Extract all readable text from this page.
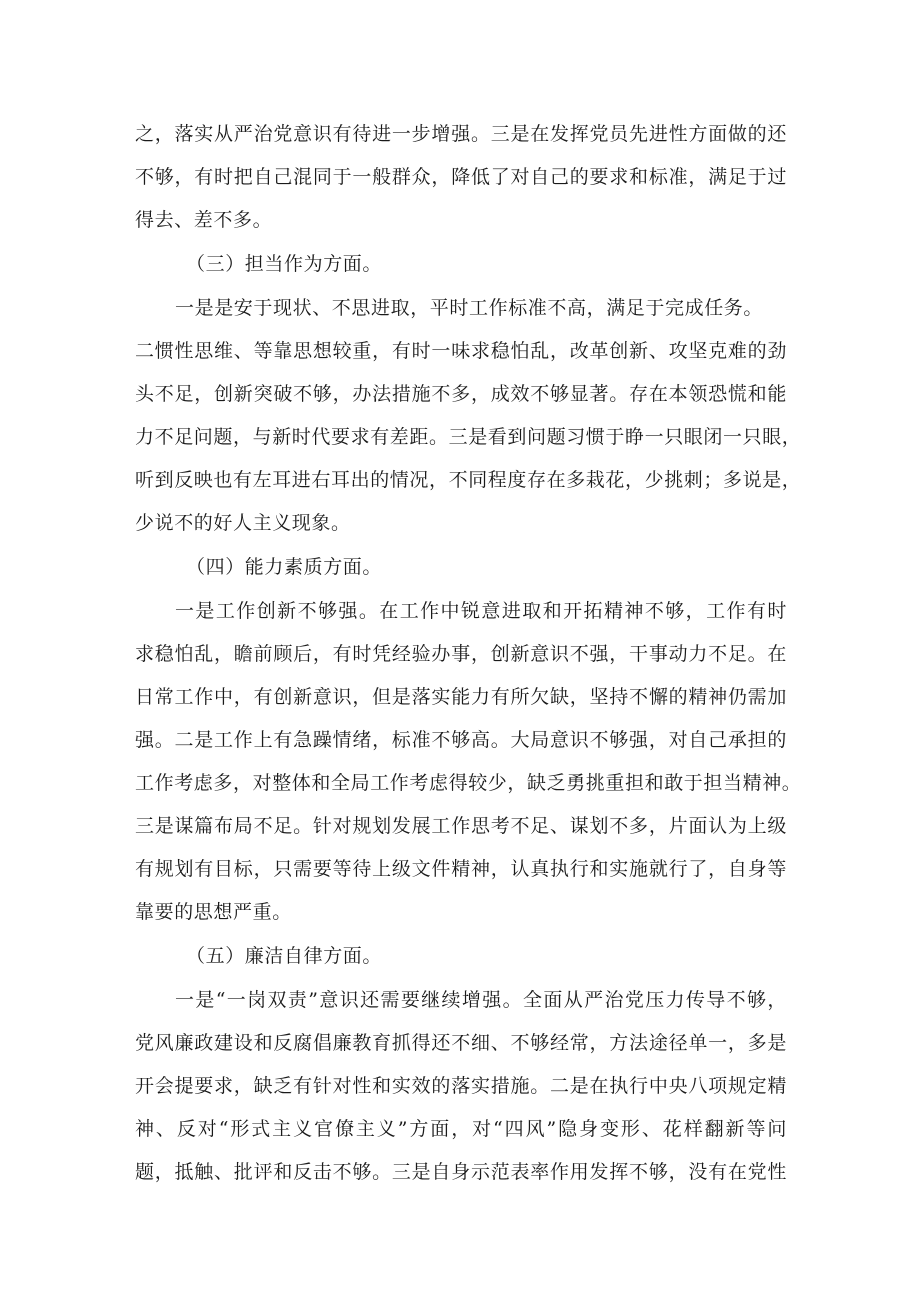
之，落实从严治党意识有待进一步增强。三是在发挥党员先进性方面做的还
不够，有时把自己混同于一般群众，降低了对自己的要求和标准，满足于过
得去、差不多。
（三）担当作为方面。
一是是安于现状、不思进取，平时工作标准不高，满足于完成任务。
二惯性思维、等靠思想较重，有时一味求稳怕乱，改革创新、攻坚克难的劲
头不足，创新突破不够，办法措施不多，成效不够显著。存在本领恐慌和能
力不足问题，与新时代要求有差距。三是看到问题习惯于睁一只眼闭一只眼，
听到反映也有左耳进右耳出的情况，不同程度存在多栽花，少挑刺；多说是，
少说不的好人主义现象。
（四）能力素质方面。
一是工作创新不够强。在工作中锐意进取和开拓精神不够，工作有时
求稳怕乱，瞻前顾后，有时凭经验办事，创新意识不强，干事动力不足。在
日常工作中，有创新意识，但是落实能力有所欠缺，坚持不懈的精神仍需加
强。二是工作上有急躁情绪，标准不够高。大局意识不够强，对自己承担的
工作考虑多，对整体和全局工作考虑得较少，缺乏勇挑重担和敢于担当精神。
三是谋篇布局不足。针对规划发展工作思考不足、谋划不多，片面认为上级
有规划有目标，只需要等待上级文件精神，认真执行和实施就行了，自身等
靠要的思想严重。
（五）廉洁自律方面。
一是“一岗双责”意识还需要继续增强。全面从严治党压力传导不够，
党风廉政建设和反腐倡廉教育抓得还不细、不够经常，方法途径单一，多是
开会提要求，缺乏有针对性和实效的落实措施。二是在执行中央八项规定精
神、反对“形式主义官僚主义”方面，对“四风”隐身变形、花样翻新等问
题，抵触、批评和反击不够。三是自身示范表率作用发挥不够，没有在党性
